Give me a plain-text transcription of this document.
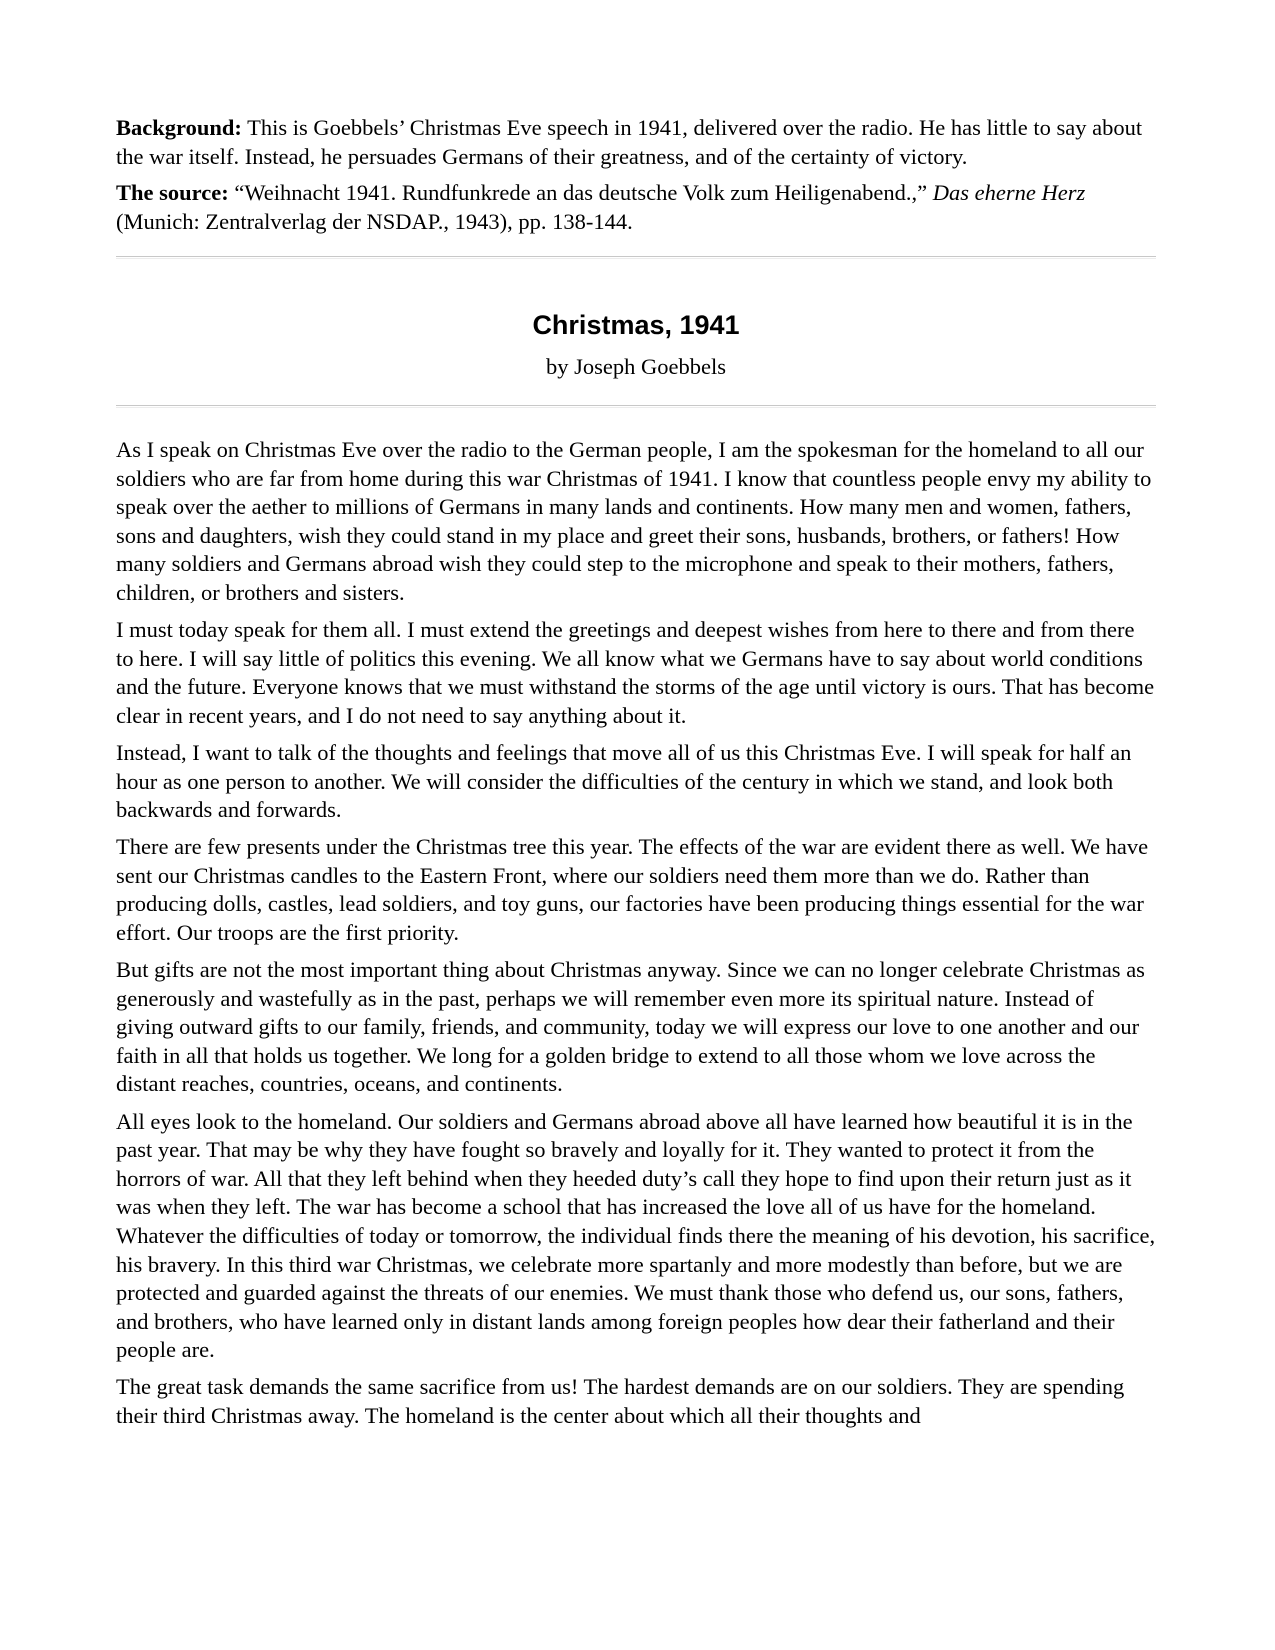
Background: This is Goebbels’ Christmas Eve speech in 1941, delivered over the radio. He has little to say about the war itself. Instead, he persuades Germans of their greatness, and of the certainty of victory.

The source: “Weihnacht 1941. Rundfunkrede an das deutsche Volk zum Heiligenabend.,” Das eherne Herz (Munich: Zentralverlag der NSDAP., 1943), pp. 138-144.

Christmas, 1941

by Joseph Goebbels

As I speak on Christmas Eve over the radio to the German people, I am the spokesman for the homeland to all our soldiers who are far from home during this war Christmas of 1941. I know that countless people envy my ability to speak over the aether to millions of Germans in many lands and continents. How many men and women, fathers, sons and daughters, wish they could stand in my place and greet their sons, husbands, brothers, or fathers! How many soldiers and Germans abroad wish they could step to the microphone and speak to their mothers, fathers, children, or brothers and sisters.

I must today speak for them all. I must extend the greetings and deepest wishes from here to there and from there to here. I will say little of politics this evening. We all know what we Germans have to say about world conditions and the future. Everyone knows that we must withstand the storms of the age until victory is ours. That has become clear in recent years, and I do not need to say anything about it.

Instead, I want to talk of the thoughts and feelings that move all of us this Christmas Eve. I will speak for half an hour as one person to another. We will consider the difficulties of the century in which we stand, and look both backwards and forwards.

There are few presents under the Christmas tree this year. The effects of the war are evident there as well. We have sent our Christmas candles to the Eastern Front, where our soldiers need them more than we do. Rather than producing dolls, castles, lead soldiers, and toy guns, our factories have been producing things essential for the war effort. Our troops are the first priority.

But gifts are not the most important thing about Christmas anyway. Since we can no longer celebrate Christmas as generously and wastefully as in the past, perhaps we will remember even more its spiritual nature. Instead of giving outward gifts to our family, friends, and community, today we will express our love to one another and our faith in all that holds us together. We long for a golden bridge to extend to all those whom we love across the distant reaches, countries, oceans, and continents.

All eyes look to the homeland. Our soldiers and Germans abroad above all have learned how beautiful it is in the past year. That may be why they have fought so bravely and loyally for it. They wanted to protect it from the horrors of war. All that they left behind when they heeded duty’s call they hope to find upon their return just as it was when they left. The war has become a school that has increased the love all of us have for the homeland. Whatever the difficulties of today or tomorrow, the individual finds there the meaning of his devotion, his sacrifice, his bravery. In this third war Christmas, we celebrate more spartanly and more modestly than before, but we are protected and guarded against the threats of our enemies. We must thank those who defend us, our sons, fathers, and brothers, who have learned only in distant lands among foreign peoples how dear their fatherland and their people are.

The great task demands the same sacrifice from us! The hardest demands are on our soldiers. They are spending their third Christmas away. The homeland is the center about which all their thoughts and
